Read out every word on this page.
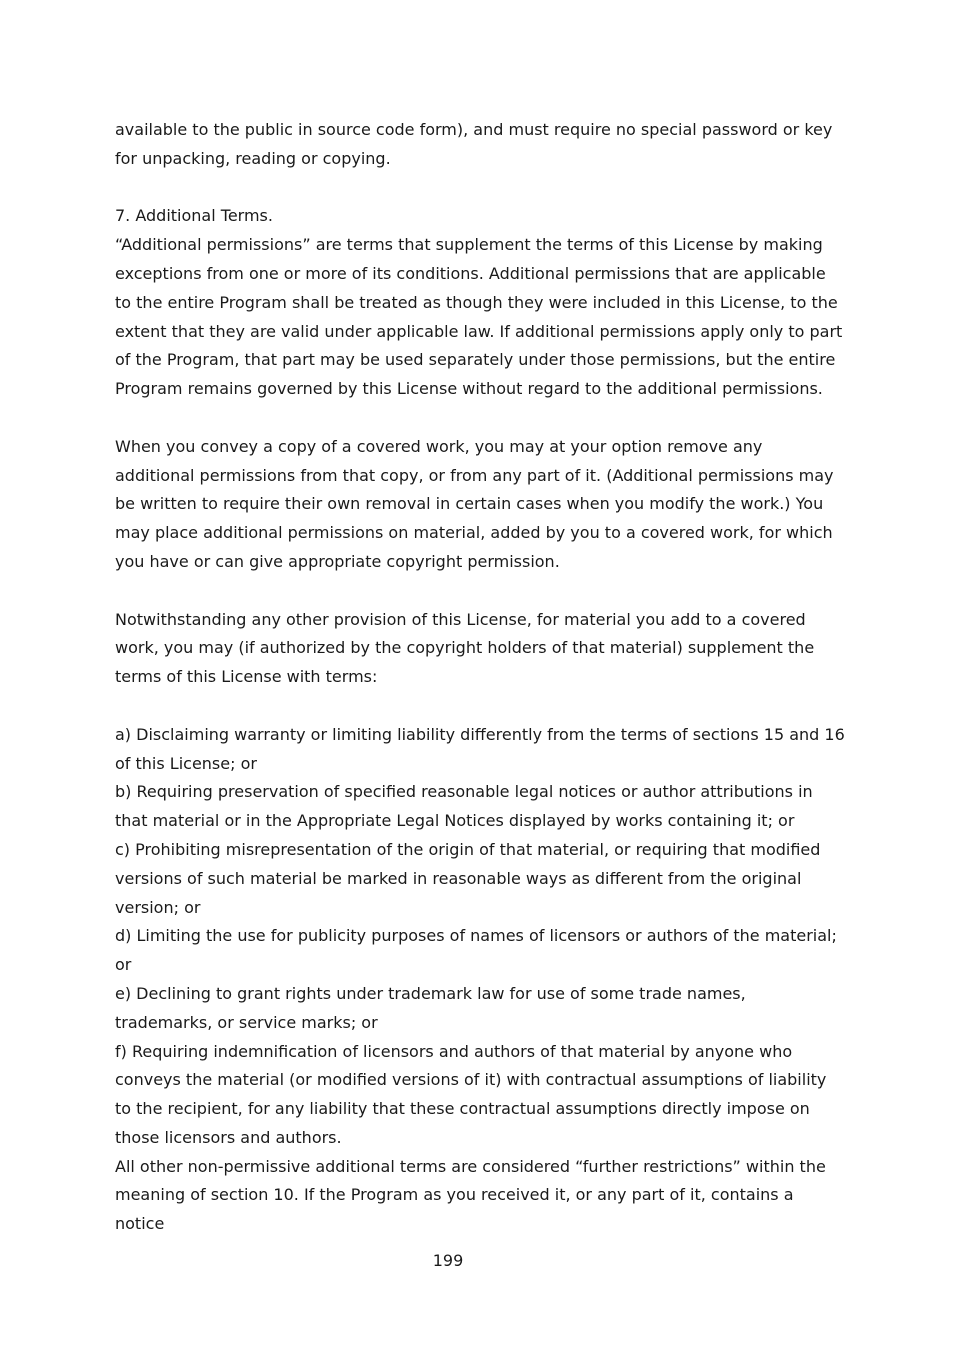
available to the public in source code form), and must require no special password or key for unpacking, reading or copying.

7. Additional Terms.

“Additional permissions” are terms that supplement the terms of this License by making exceptions from one or more of its conditions. Additional permissions that are applicable to the entire Program shall be treated as though they were included in this License, to the extent that they are valid under applicable law. If additional permissions apply only to part of the Program, that part may be used separately under those permissions, but the entire Program remains governed by this License without regard to the additional permissions.

When you convey a copy of a covered work, you may at your option remove any additional permissions from that copy, or from any part of it. (Additional permissions may be written to require their own removal in certain cases when you modify the work.) You may place additional permissions on material, added by you to a covered work, for which you have or can give appropriate copyright permission.

Notwithstanding any other provision of this License, for material you add to a covered work, you may (if authorized by the copyright holders of that material) supplement the terms of this License with terms:

a) Disclaiming warranty or limiting liability differently from the terms of sections 15 and 16 of this License; or

b) Requiring preservation of specified reasonable legal notices or author attributions in that material or in the Appropriate Legal Notices displayed by works containing it; or

c) Prohibiting misrepresentation of the origin of that material, or requiring that modified versions of such material be marked in reasonable ways as different from the original version; or

d) Limiting the use for publicity purposes of names of licensors or authors of the material; or

e) Declining to grant rights under trademark law for use of some trade names, trademarks, or service marks; or

f) Requiring indemnification of licensors and authors of that material by anyone who conveys the material (or modified versions of it) with contractual assumptions of liability to the recipient, for any liability that these contractual assumptions directly impose on those licensors and authors.

All other non-permissive additional terms are considered “further restrictions” within the meaning of section 10. If the Program as you received it, or any part of it, contains a notice

199
